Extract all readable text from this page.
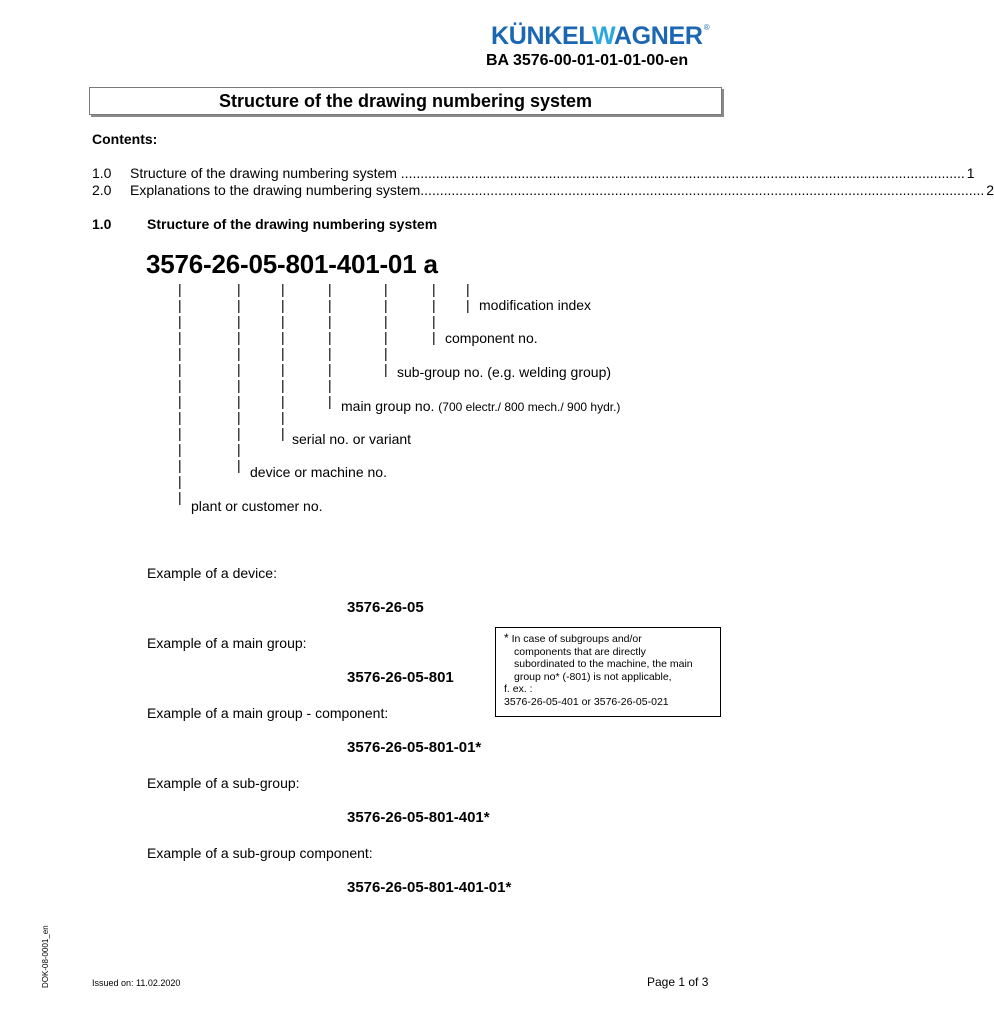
KÜNKELWAGNER®
BA 3576-00-01-01-01-00-en
Structure of the drawing numbering system
Contents:
1.0	Structure of the drawing numbering system ................................................................................................................................................. 1
2.0	Explanations to the drawing numbering system ................................................................................................................................................. 2
1.0	Structure of the drawing numbering system
3576-26-05-801-401-01 a
|
|
|
|
|
|
|
|
|
|
|
|
|
|
|
|
|
|
|
|
|
|
|
|
|
|
|
|
|
|
|
|
|
|
|
|
|
|
|
|
|
|
|
|
|
|
|
|
|
|
|
|
|
|
|
| modification index
component no.
sub-group no. (e.g. welding group)
main group no. (700 electr./ 800 mech./ 900 hydr.)
serial no. or variant
device or machine no.
plant or customer no.
Example of a device:
3576-26-05
Example of a main group:
3576-26-05-801
Example of a main group - component:
3576-26-05-801-01*
Example of a sub-group:
3576-26-05-801-401*
Example of a sub-group component:
3576-26-05-801-401-01*
* In case of subgroups and/or
components that are directly
subordinated to the machine, the main
group no* (-801) is not applicable,
f. ex. :
3576-26-05-401 or 3576-26-05-021
DOK-08-0001_en	Issued on: 11.02.2020	Page 1 of 3
